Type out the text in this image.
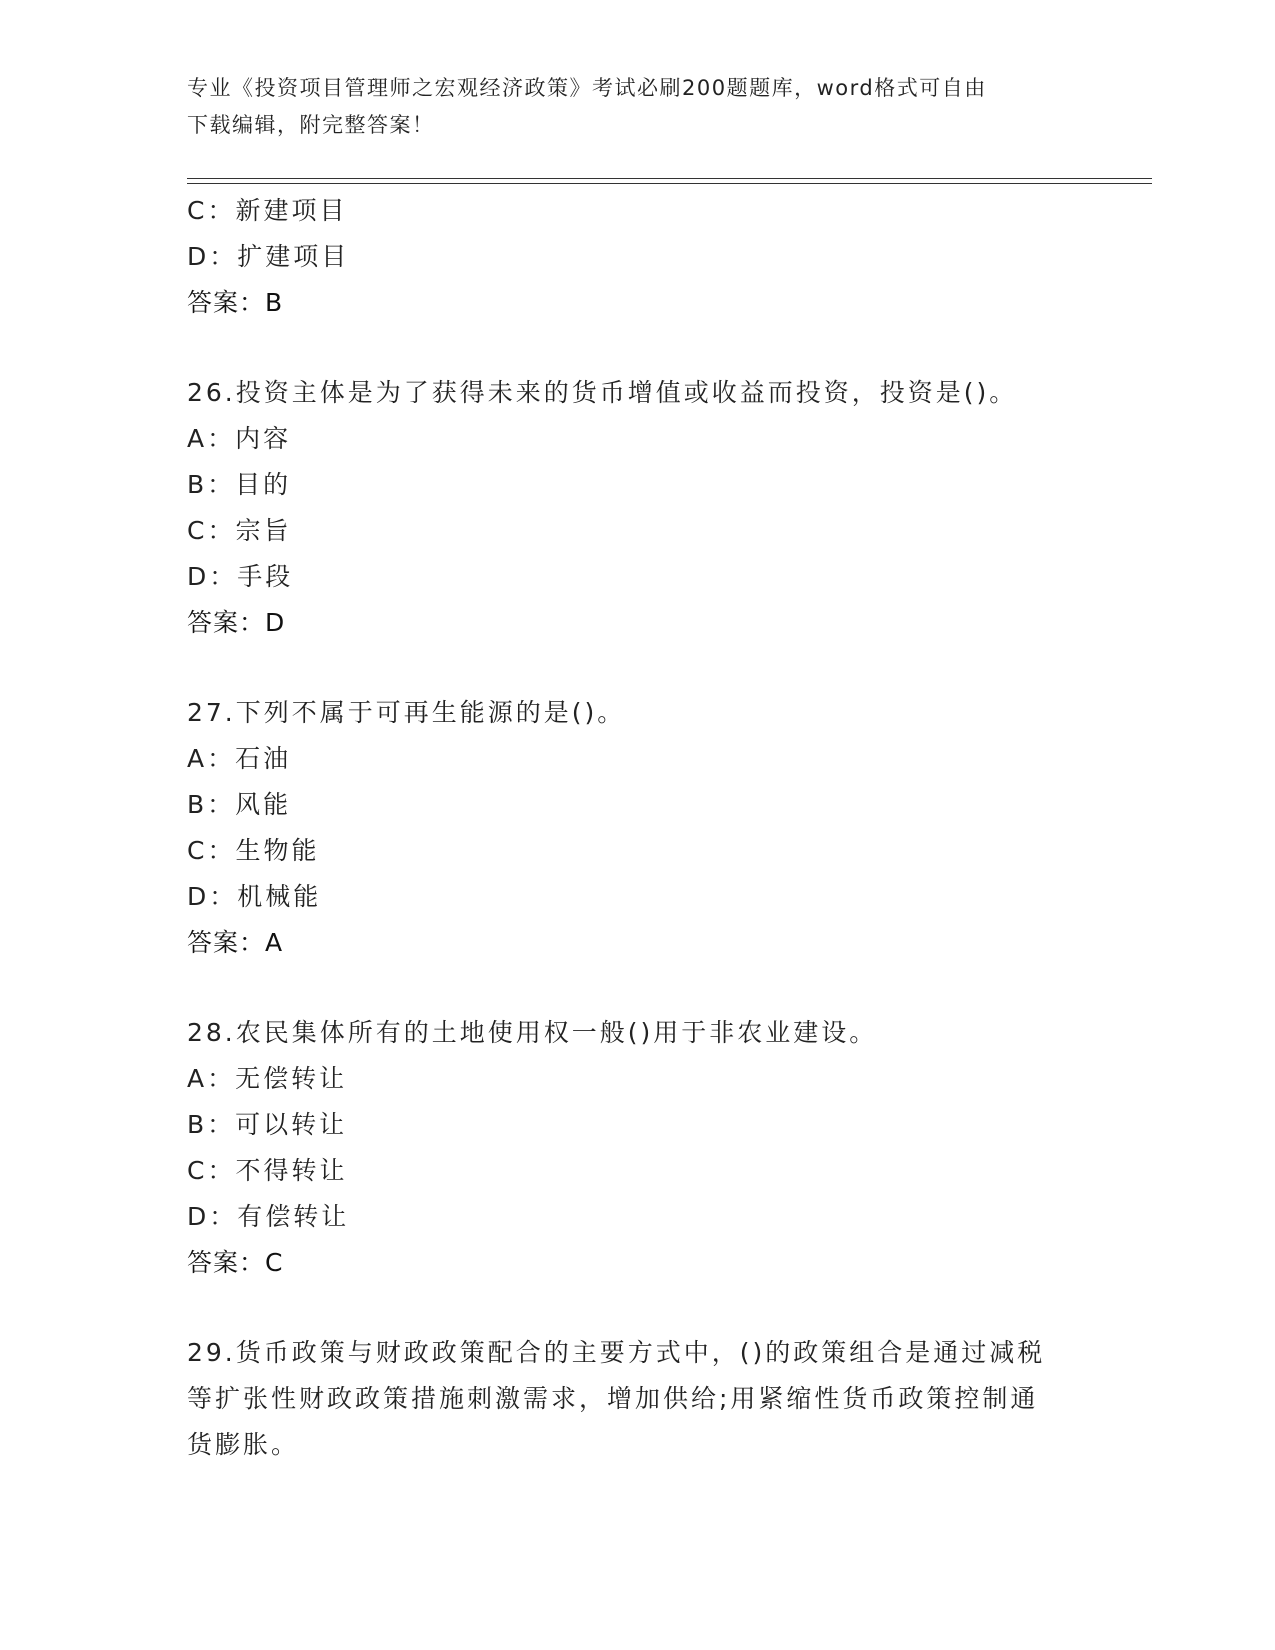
专业《投资项目管理师之宏观经济政策》考试必刷200题题库，word格式可自由
下载编辑，附完整答案！

C：新建项目

D：扩建项目

答案：B

26.投资主体是为了获得未来的货币增值或收益而投资，投资是()。

A：内容

B：目的

C：宗旨

D：手段

答案：D

27.下列不属于可再生能源的是()。

A：石油

B：风能

C：生物能

D：机械能

答案：A

28.农民集体所有的土地使用权一般()用于非农业建设。

A：无偿转让

B：可以转让

C：不得转让

D：有偿转让

答案：C

29.货币政策与财政政策配合的主要方式中，()的政策组合是通过减税

等扩张性财政政策措施刺激需求，增加供给;用紧缩性货币政策控制通

货膨胀。
